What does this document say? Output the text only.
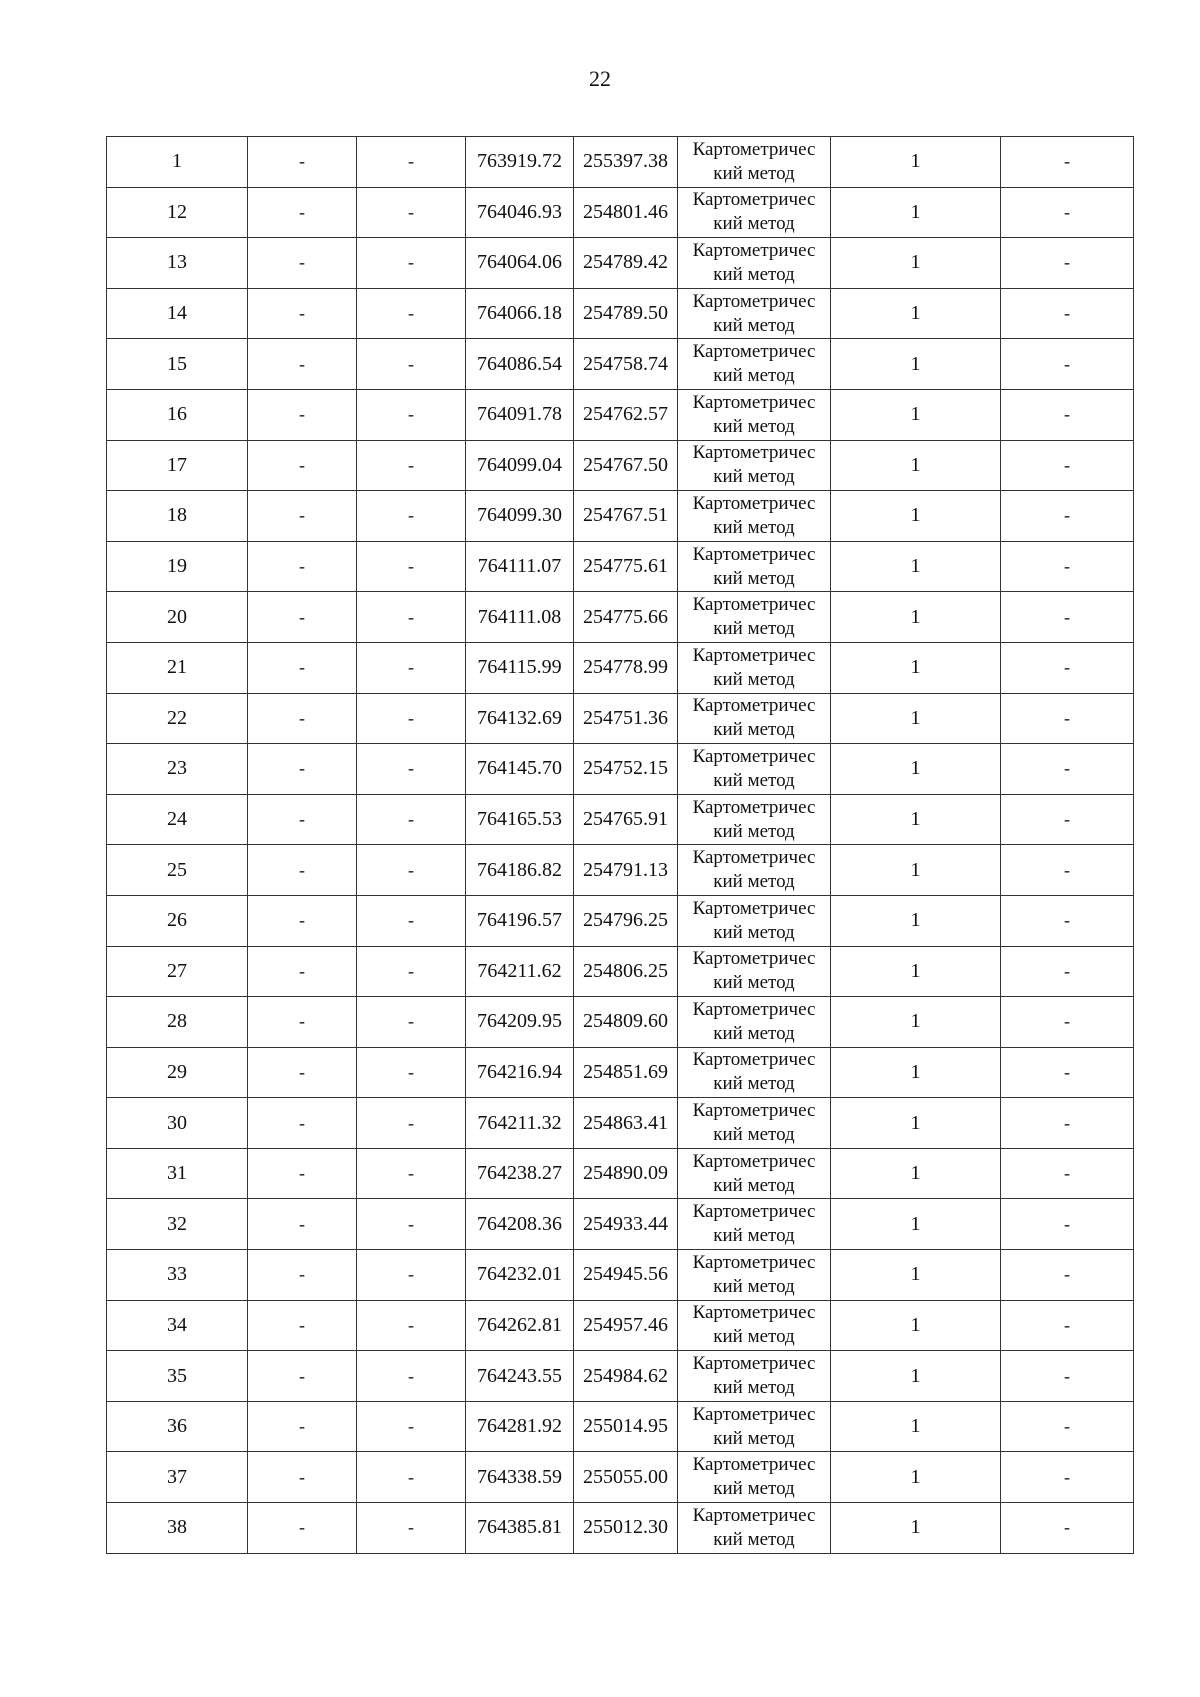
22
1	-	-	763919.72	255397.38	Картометричес
кий метод	1	-
12	-	-	764046.93	254801.46	Картометричес
кий метод	1	-
13	-	-	764064.06	254789.42	Картометричес
кий метод	1	-
14	-	-	764066.18	254789.50	Картометричес
кий метод	1	-
15	-	-	764086.54	254758.74	Картометричес
кий метод	1	-
16	-	-	764091.78	254762.57	Картометричес
кий метод	1	-
17	-	-	764099.04	254767.50	Картометричес
кий метод	1	-
18	-	-	764099.30	254767.51	Картометричес
кий метод	1	-
19	-	-	764111.07	254775.61	Картометричес
кий метод	1	-
20	-	-	764111.08	254775.66	Картометричес
кий метод	1	-
21	-	-	764115.99	254778.99	Картометричес
кий метод	1	-
22	-	-	764132.69	254751.36	Картометричес
кий метод	1	-
23	-	-	764145.70	254752.15	Картометричес
кий метод	1	-
24	-	-	764165.53	254765.91	Картометричес
кий метод	1	-
25	-	-	764186.82	254791.13	Картометричес
кий метод	1	-
26	-	-	764196.57	254796.25	Картометричес
кий метод	1	-
27	-	-	764211.62	254806.25	Картометричес
кий метод	1	-
28	-	-	764209.95	254809.60	Картометричес
кий метод	1	-
29	-	-	764216.94	254851.69	Картометричес
кий метод	1	-
30	-	-	764211.32	254863.41	Картометричес
кий метод	1	-
31	-	-	764238.27	254890.09	Картометричес
кий метод	1	-
32	-	-	764208.36	254933.44	Картометричес
кий метод	1	-
33	-	-	764232.01	254945.56	Картометричес
кий метод	1	-
34	-	-	764262.81	254957.46	Картометричес
кий метод	1	-
35	-	-	764243.55	254984.62	Картометричес
кий метод	1	-
36	-	-	764281.92	255014.95	Картометричес
кий метод	1	-
37	-	-	764338.59	255055.00	Картометричес
кий метод	1	-
38	-	-	764385.81	255012.30	Картометричес
кий метод	1	-
